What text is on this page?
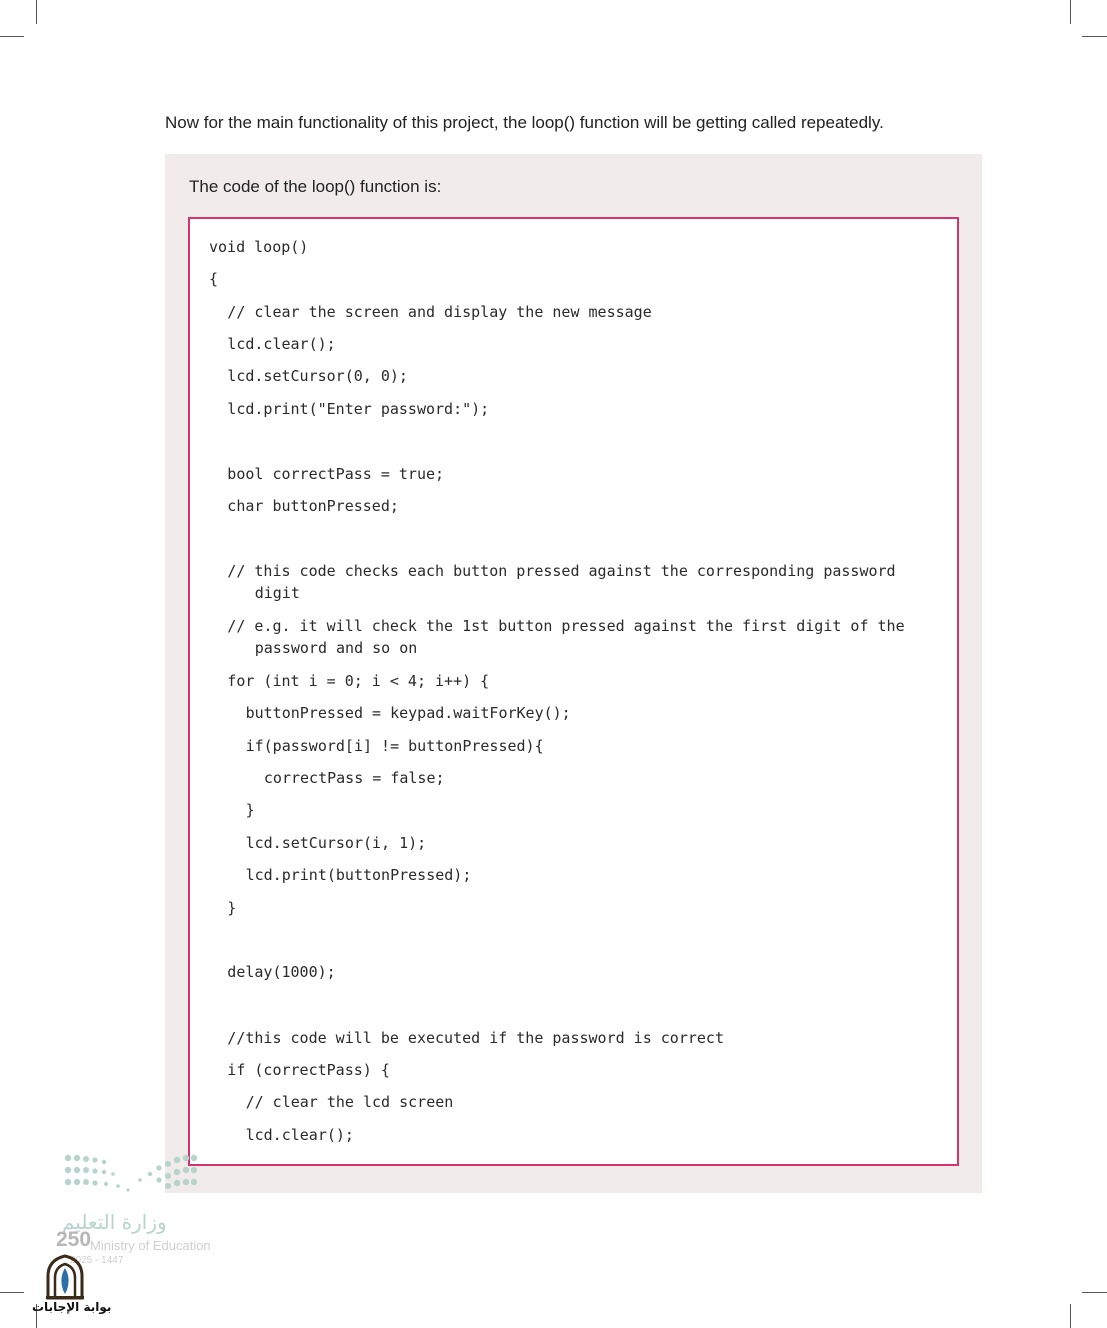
Now for the main functionality of this project, the loop() function will be getting called repeatedly.
The code of the loop() function is:
void loop()
{
// clear the screen and display the new message
lcd.clear();
lcd.setCursor(0, 0);
lcd.print("Enter password:");
bool correctPass = true;
char buttonPressed;
// this code checks each button pressed against the corresponding password
digit
// e.g. it will check the 1st button pressed against the first digit of the
password and so on
for (int i = 0; i < 4; i++) {
buttonPressed = keypad.waitForKey();
if(password[i] != buttonPressed){
correctPass = false;
}
lcd.setCursor(i, 1);
lcd.print(buttonPressed);
}
delay(1000);
//this code will be executed if the password is correct
if (correctPass) {
// clear the lcd screen
lcd.clear();
وزارة التعليم
250
Ministry of Education
2025 - 1447
بوابة الإجابات
